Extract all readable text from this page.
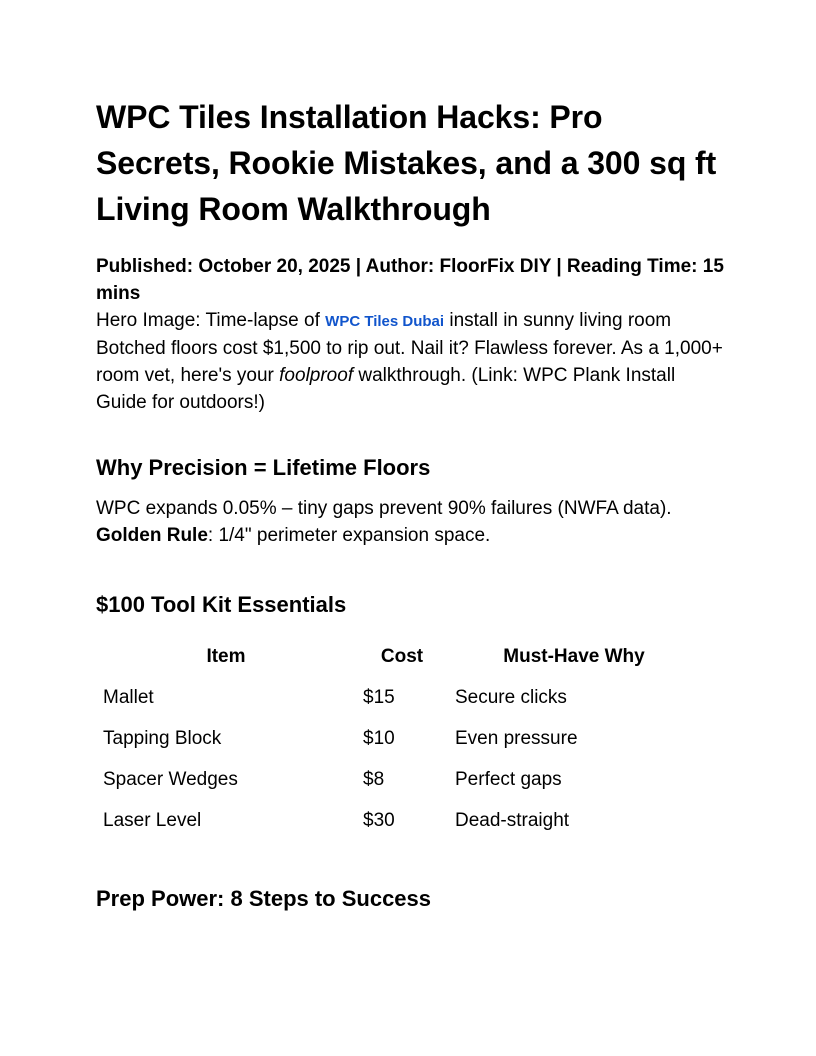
WPC Tiles Installation Hacks: Pro Secrets, Rookie Mistakes, and a 300 sq ft Living Room Walkthrough
Published: October 20, 2025 | Author: FloorFix DIY | Reading Time: 15 mins

Hero Image: Time-lapse of WPC Tiles Dubai install in sunny living room

Botched floors cost $1,500 to rip out. Nail it? Flawless forever. As a 1,000+ room vet, here's your foolproof walkthrough. (Link: WPC Plank Install Guide for outdoors!)

Why Precision = Lifetime Floors

WPC expands 0.05% – tiny gaps prevent 90% failures (NWFA data).

Golden Rule: 1/4" perimeter expansion space.

$100 Tool Kit Essentials
Item	Cost	Must-Have Why
Mallet	$15	Secure clicks
Tapping Block	$10	Even pressure
Spacer Wedges	$8	Perfect gaps
Laser Level	$30	Dead-straight
Prep Power: 8 Steps to Success
